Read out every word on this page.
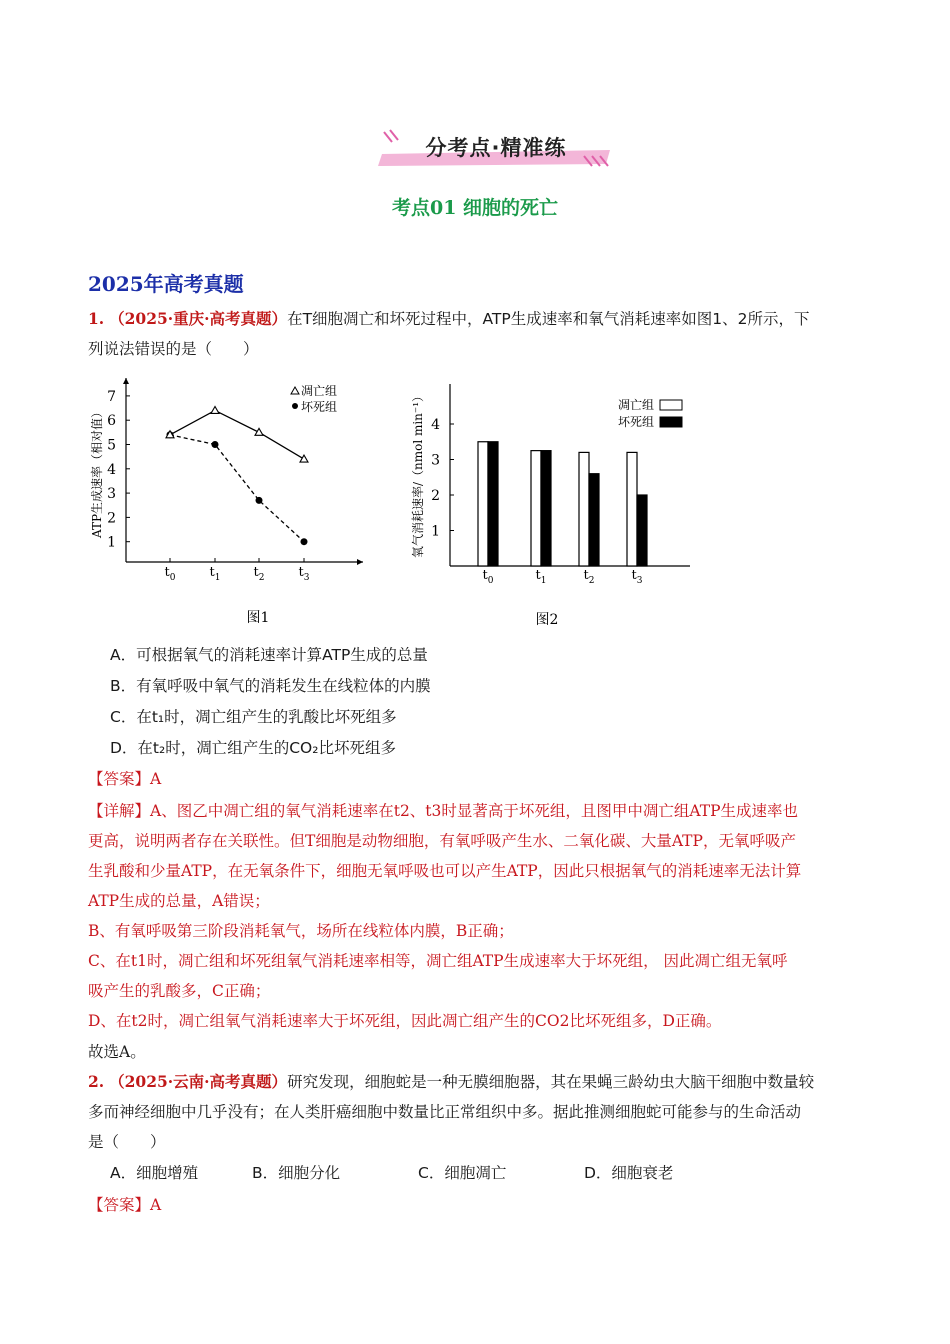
分考点·精准练
考点01 细胞的死亡
2025年高考真题
1. （2025·重庆·高考真题）在T细胞凋亡和坏死过程中，ATP生成速率和氧气消耗速率如图1、2所示，下
列说法错误的是（　　）
1
2
3
4
5
6
7
$t_0$	$t_1$	$t_2$	$t_3$
ATP生成速率（相对值）
凋亡组
坏死组
图1
1
2
3
4
$t_0$	$t_1$	$t_2$	$t_3$
氧气消耗速率/（nmol min⁻¹）	凋亡组
坏死组
图2
A．可根据氧气的消耗速率计算ATP生成的总量
B．有氧呼吸中氧气的消耗发生在线粒体的内膜
C．在t₁时，凋亡组产生的乳酸比坏死组多
D．在t₂时，凋亡组产生的CO₂比坏死组多
【答案】A
【详解】A、图乙中凋亡组的氧气消耗速率在t2、t3时显著高于坏死组，且图甲中凋亡组ATP生成速率也
更高，说明两者存在关联性。但T细胞是动物细胞，有氧呼吸产生水、二氧化碳、大量ATP，无氧呼吸产
生乳酸和少量ATP，在无氧条件下，细胞无氧呼吸也可以产生ATP，因此只根据氧气的消耗速率无法计算
ATP生成的总量，A错误；
B、有氧呼吸第三阶段消耗氧气，场所在线粒体内膜，B正确；
C、在t1时，凋亡组和坏死组氧气消耗速率相等，凋亡组ATP生成速率大于坏死组， 因此凋亡组无氧呼
吸产生的乳酸多，C正确；
D、在t2时，凋亡组氧气消耗速率大于坏死组，因此凋亡组产生的CO2比坏死组多，D正确。
故选A。
2. （2025·云南·高考真题）研究发现，细胞蛇是一种无膜细胞器，其在果蝇三龄幼虫大脑干细胞中数量较
多而神经细胞中几乎没有；在人类肝癌细胞中数量比正常组织中多。据此推测细胞蛇可能参与的生命活动
是（　　）
A．细胞增殖	B．细胞分化	C．细胞凋亡	D．细胞衰老
【答案】A
